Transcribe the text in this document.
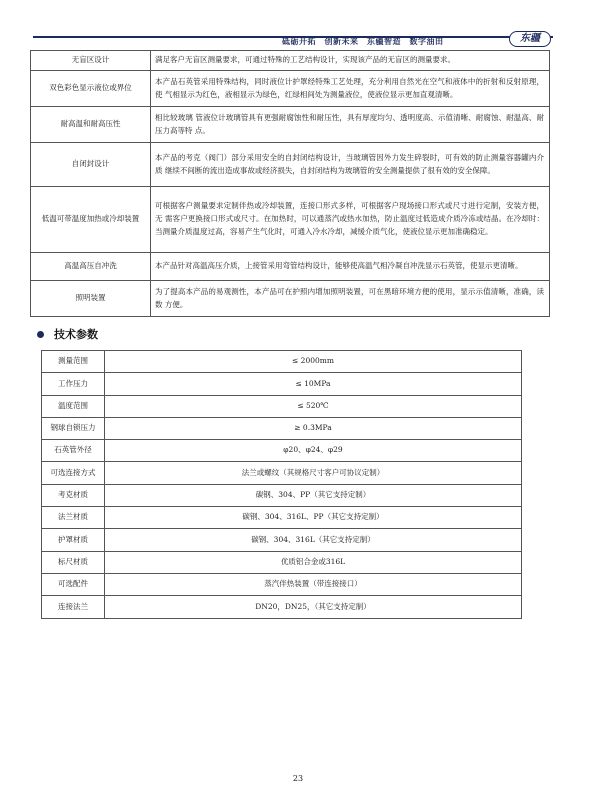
砥砺开拓　创新未来　东疆智造　数字油田	东疆
无盲区设计	满足客户无盲区测量要求，可通过特殊的工艺结构设计，实现该产品的无盲区的测量要求。
双色彩色显示液位或界位	本产品石英管采用特殊结构，同时液位计护罩经特殊工艺处理，充分利用自然光在空气和液体中的折射和反射原理，使 气相显示为红色，液相显示为绿色，红绿相间处为测量液位，使液位显示更加直观清晰。
耐高温和耐高压性	相比较玻璃 管液位计玻璃管具有更强耐腐蚀性和耐压性，具有厚度均匀、透明度高、示值清晰、耐腐蚀、耐温高、耐压力高等特 点。
自闭封设计	本产品的考克（阀门）部分采用安全的自封闭结构设计，当玻璃管因外力发生碎裂时，可有效的防止测量容器罐内介质 继续不间断的流出造成事故或经济损失，自封闭结构为玻璃管的安全测量提供了很有效的安全保障。
低温可带温度加热或冷却装置	可根据客户测量要求定制伴热或冷却装置，连接口形式多样，可根据客户现场接口形式或尺寸进行定制，安装方便，无 需客户更换接口形式或尺寸。在加热时，可以通蒸汽或热水加热，防止温度过低造成介质冷冻或结晶。在冷却时：当测量介质温度过高，容易产生气化时，可通入冷水冷却，减缓介质气化，使液位显示更加准确稳定。
高温高压自冲洗	本产品针对高温高压介质，上接管采用弯管结构设计，能够使高温气相冷凝自冲洗显示石英管，使显示更清晰。
照明装置	为了提高本产品的易观测性，本产品可在护照内增加照明装置，可在黑暗环境方便的使用，显示示值清晰，准确，读数 方便。
技术参数
测量范围	≤ 2000mm
工作压力	≤ 10MPa
温度范围	≤ 520℃
钢球自锁压力	≥ 0.3MPa
石英管外径	φ20、φ24、φ29
可选连接方式	法兰或螺纹（其规格尺寸客户可协议定制）
考克材质	碳钢、304、PP（其它支持定制）
法兰材质	碳钢、304、316L、PP（其它支持定制）
护罩材质	碳钢、304、316L（其它支持定制）
标尺材质	优质铝合金或316L
可选配件	蒸汽伴热装置（带连接接口）
连接法兰	DN20，DN25，（其它支持定制）
23
